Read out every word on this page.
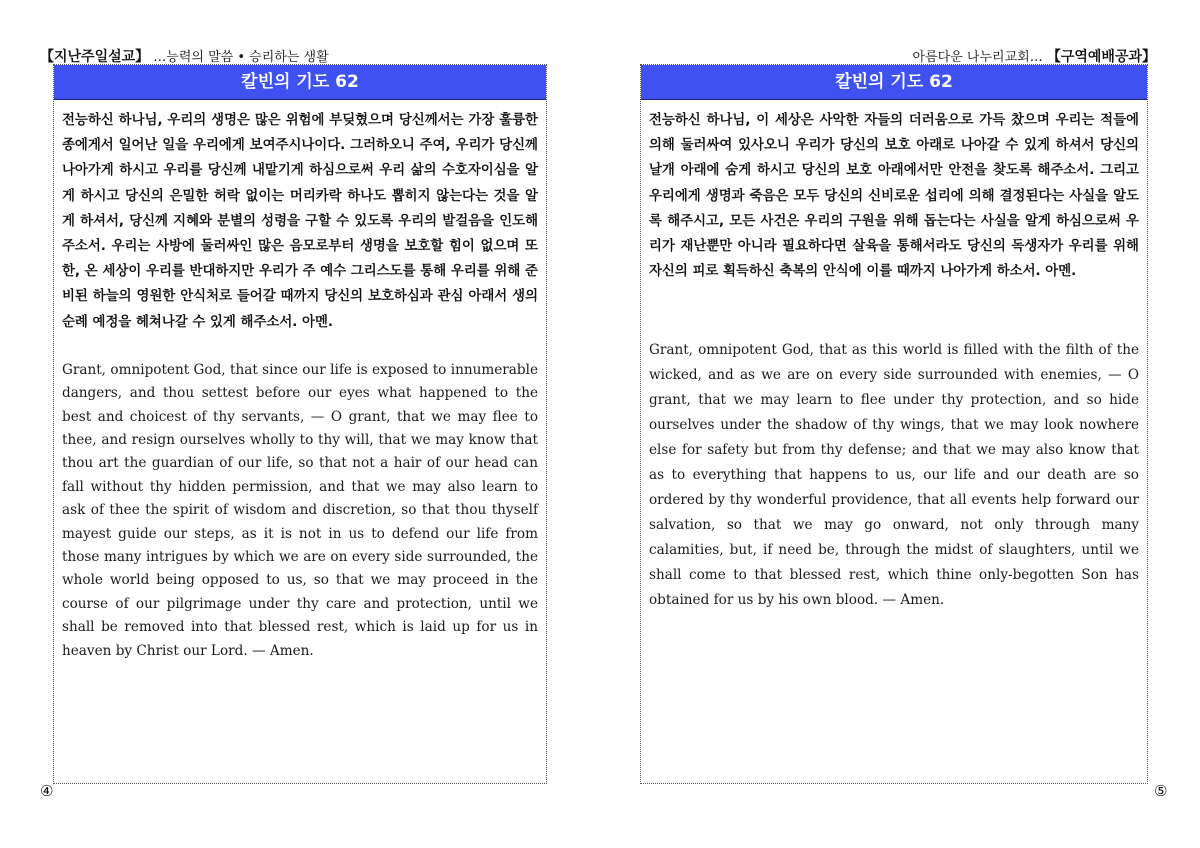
【지난주일설교】 …능력의 말씀 • 승리하는 생활	아름다운 나누리교회… 【구역예배공과】
칼빈의 기도 62

전능하신 하나님, 우리의 생명은 많은 위험에 부딪혔으며 당신께서는 가장 훌륭한 종에게서 일어난 일을 우리에게 보여주시나이다. 그러하오니 주여, 우리가 당신께 나아가게 하시고 우리를 당신께 내맡기게 하심으로써 우리 삶의 수호자이심을 알게 하시고 당신의 은밀한 허락 없이는 머리카락 하나도 뽑히지 않는다는 것을 알게 하셔서, 당신께 지혜와 분별의 성령을 구할 수 있도록 우리의 발걸음을 인도해 주소서. 우리는 사방에 둘러싸인 많은 음모로부터 생명을 보호할 힘이 없으며 또한, 온 세상이 우리를 반대하지만 우리가 주 예수 그리스도를 통해 우리를 위해 준비된 하늘의 영원한 안식처로 들어갈 때까지 당신의 보호하심과 관심 아래서 생의 순례 예정을 헤쳐나갈 수 있게 해주소서. 아멘.

Grant, omnipotent God, that since our life is exposed to innumerable dangers, and thou settest before our eyes what happened to the best and choicest of thy servants, — O grant, that we may flee to thee, and resign ourselves wholly to thy will, that we may know that thou art the guardian of our life, so that not a hair of our head can fall without thy hidden permission, and that we may also learn to ask of thee the spirit of wisdom and discretion, so that thou thyself mayest guide our steps, as it is not in us to defend our life from those many intrigues by which we are on every side surrounded, the whole world being opposed to us, so that we may proceed in the course of our pilgrimage under thy care and protection, until we shall be removed into that blessed rest, which is laid up for us in heaven by Christ our Lord. — Amen.

칼빈의 기도 62

전능하신 하나님, 이 세상은 사악한 자들의 더러움으로 가득 찼으며 우리는 적들에 의해 둘러싸여 있사오니 우리가 당신의 보호 아래로 나아갈 수 있게 하셔서 당신의 날개 아래에 숨게 하시고 당신의 보호 아래에서만 안전을 찾도록 해주소서. 그리고 우리에게 생명과 죽음은 모두 당신의 신비로운 섭리에 의해 결정된다는 사실을 알도록 해주시고, 모든 사건은 우리의 구원을 위해 돕는다는 사실을 알게 하심으로써 우리가 재난뿐만 아니라 필요하다면 살육을 통해서라도 당신의 독생자가 우리를 위해 자신의 피로 획득하신 축복의 안식에 이를 때까지 나아가게 하소서. 아멘.

Grant, omnipotent God, that as this world is filled with the filth of the wicked, and as we are on every side surrounded with enemies, — O grant, that we may learn to flee under thy protection, and so hide ourselves under the shadow of thy wings, that we may look nowhere else for safety but from thy defense; and that we may also know that as to everything that happens to us, our life and our death are so ordered by thy wonderful providence, that all events help forward our salvation, so that we may go onward, not only through many calamities, but, if need be, through the midst of slaughters, until we shall come to that blessed rest, which thine only-begotten Son has obtained for us by his own blood. — Amen.

④	⑤
